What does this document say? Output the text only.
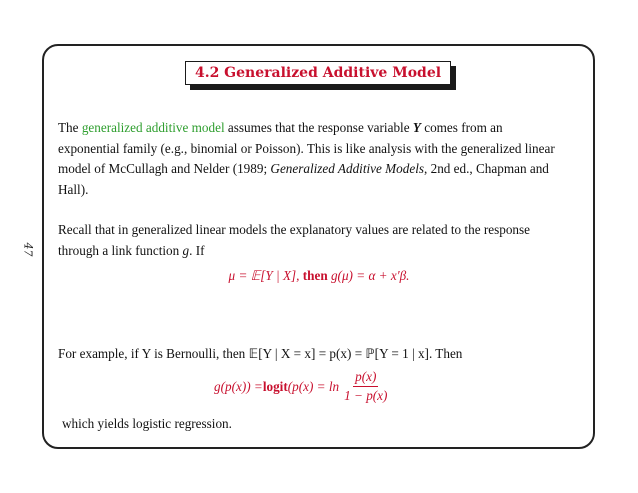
47
4.2 Generalized Additive Model

The generalized additive model assumes that the response variable Y comes from an exponential family (e.g., binomial or Poisson). This is like analysis with the generalized linear model of McCullagh and Nelder (1989; Generalized Additive Models, 2nd ed., Chapman and Hall).

Recall that in generalized linear models the explanatory values are related to the response through a link function g. If

μ = 𝔼[Y | X], then g(μ) = α + x′β.

For example, if Y is Bernoulli, then 𝔼[Y | X = x] = p(x) = ℙ[Y = 1 | x]. Then

g(p(x)) = logit ($p(x) = \ln \frac{p(x)}{1 - p(x)}$

which yields logistic regression.
